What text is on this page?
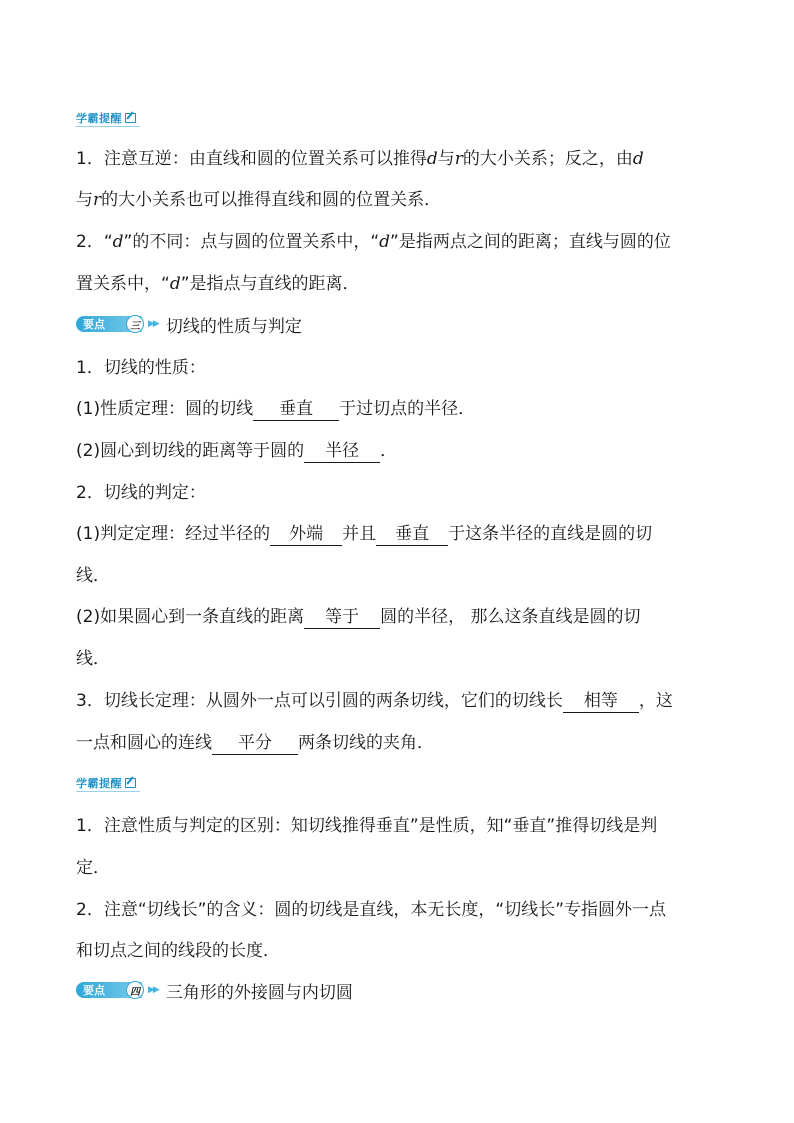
学霸提醒
1．注意互逆：由直线和圆的位置关系可以推得d与r的大小关系；反之，由d
与r的大小关系也可以推得直线和圆的位置关系．
2．“d”的不同：点与圆的位置关系中，“d”是指两点之间的距离；直线与圆的位
置关系中，“d”是指点与直线的距离．
要点	三 ▶▶ 切线的性质与判定
1．切线的性质：
(1)性质定理：圆的切线 垂直 于过切点的半径．
(2)圆心到切线的距离等于圆的 半径 ．
2．切线的判定：
(1)判定定理：经过半径的 外端 并且 垂直 于这条半径的直线是圆的切
线．
(2)如果圆心到一条直线的距离 等于 圆的半径， 那么这条直线是圆的切
线．
3．切线长定理：从圆外一点可以引圆的两条切线，它们的切线长 相等 ，这
一点和圆心的连线 平分 两条切线的夹角．
学霸提醒
1．注意性质与判定的区别：知切线推得垂直”是性质，知“垂直”推得切线是判
定．
2．注意“切线长”的含义：圆的切线是直线，本无长度，“切线长”专指圆外一点
和切点之间的线段的长度．
要点	四 ▶▶ 三角形的外接圆与内切圆
